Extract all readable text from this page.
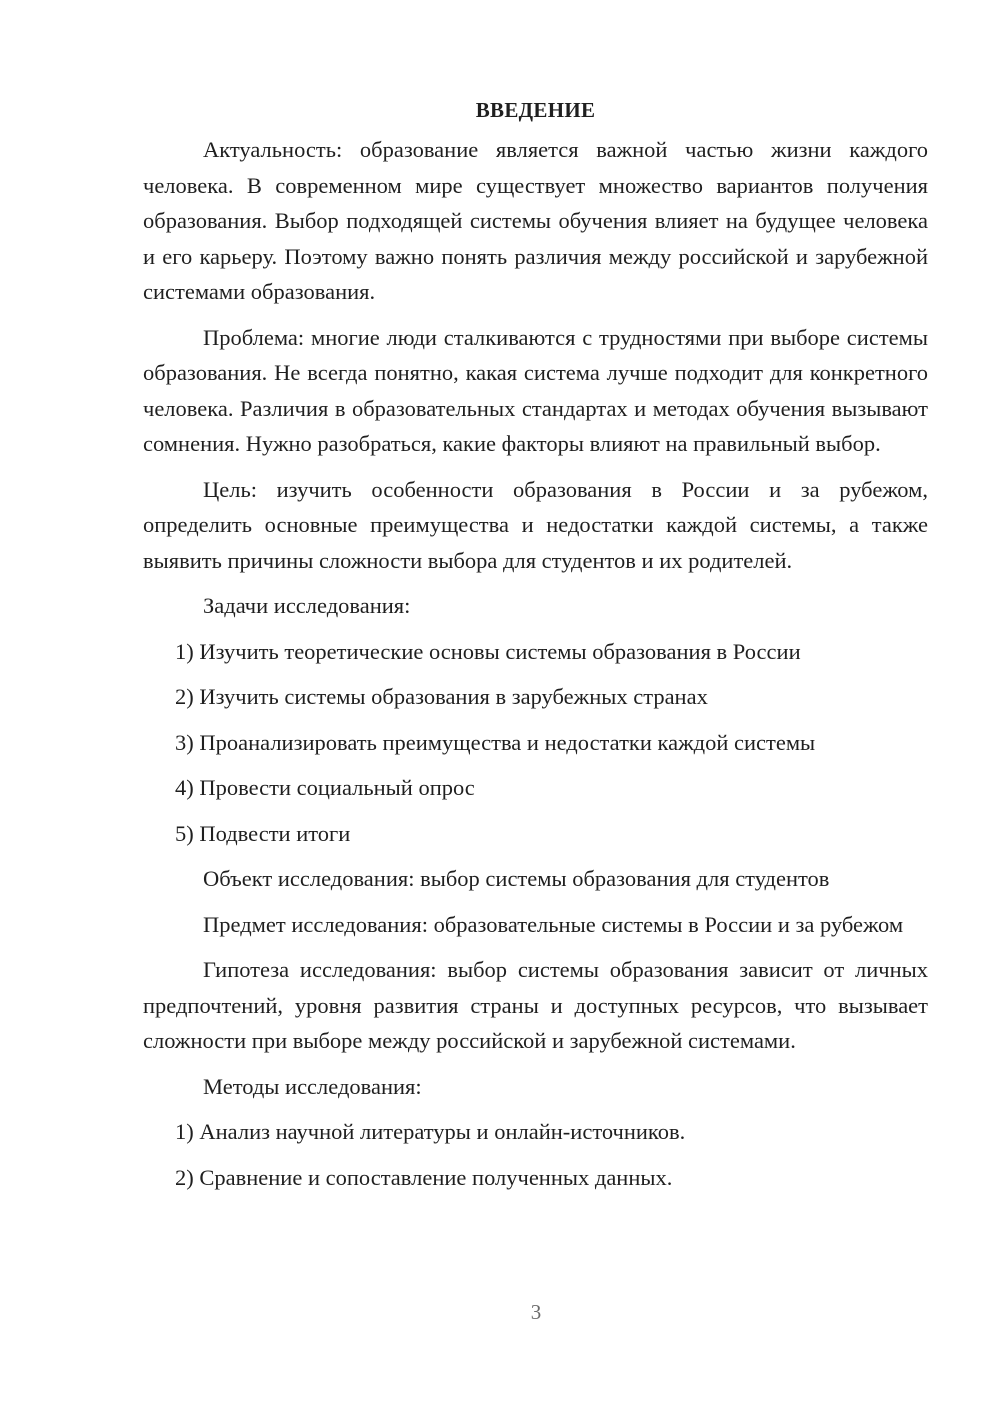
ВВЕДЕНИЕ

Актуальность: образование является важной частью жизни каждого человека. В современном мире существует множество вариантов получения образования. Выбор подходящей системы обучения влияет на будущее человека и его карьеру. Поэтому важно понять различия между российской и зарубежной системами образования.

Проблема: многие люди сталкиваются с трудностями при выборе системы образования. Не всегда понятно, какая система лучше подходит для конкретного человека. Различия в образовательных стандартах и методах обучения вызывают сомнения. Нужно разобраться, какие факторы влияют на правильный выбор.

Цель: изучить особенности образования в России и за рубежом, определить основные преимущества и недостатки каждой системы, а также выявить причины сложности выбора для студентов и их родителей.

Задачи исследования:

1) Изучить теоретические основы системы образования в России
2) Изучить системы образования в зарубежных странах
3) Проанализировать преимущества и недостатки каждой системы
4) Провести социальный опрос
5) Подвести итоги

Объект исследования: выбор системы образования для студентов

Предмет исследования: образовательные системы в России и за рубежом

Гипотеза исследования: выбор системы образования зависит от личных предпочтений, уровня развития страны и доступных ресурсов, что вызывает сложности при выборе между российской и зарубежной системами.

Методы исследования:

1) Анализ научной литературы и онлайн-источников.
2) Сравнение и сопоставление полученных данных.
3
